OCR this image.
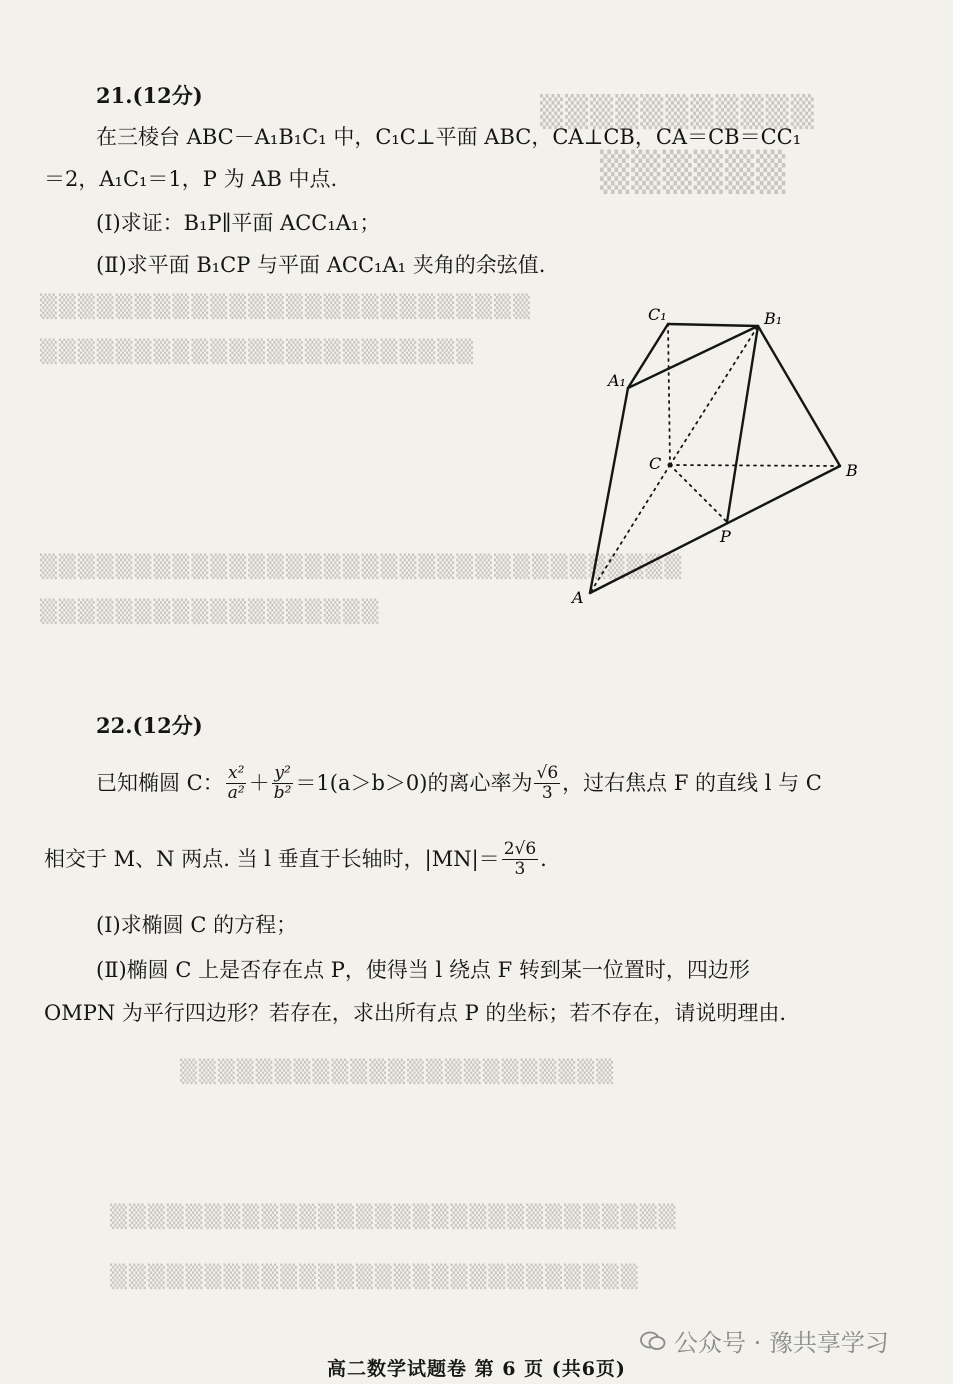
▒▒▒▒▒▒▒▒▒▒▒
▒▒▒▒▒▒
▒▒▒▒▒▒▒▒▒▒▒▒▒▒▒▒▒▒▒▒▒▒▒▒▒▒
▒▒▒▒▒▒▒▒▒▒▒▒▒▒▒▒▒▒▒▒▒▒▒
▒▒▒▒▒▒▒▒▒▒▒▒▒▒▒▒▒▒▒▒▒▒▒▒▒▒▒▒▒▒▒▒▒▒
▒▒▒▒▒▒▒▒▒▒▒▒▒▒▒▒▒▒
▒▒▒▒▒▒▒▒▒▒▒▒▒▒▒▒▒▒▒▒▒▒▒
▒▒▒▒▒▒▒▒▒▒▒▒▒▒▒▒▒▒▒▒▒▒▒▒▒▒▒▒▒▒
▒▒▒▒▒▒▒▒▒▒▒▒▒▒▒▒▒▒▒▒▒▒▒▒▒▒▒▒
21.(12分)
在三棱台 ABC－A₁B₁C₁ 中，C₁C⊥平面 ABC，CA⊥CB，CA＝CB＝CC₁
＝2，A₁C₁＝1，P 为 AB 中点.
(Ⅰ)求证：B₁P∥平面 ACC₁A₁；
(Ⅱ)求平面 B₁CP 与平面 ACC₁A₁ 夹角的余弦值.
C₁	B₁
A₁
C	B
P
A
22.(12分)
已知椭圆 C： $\frac{\text{x²}}{\text{a²}} + \frac{\text{y²}}{\text{b²}} =1(a>b>0)$的离心率为 $\frac{√6}{3}$ ，过右焦点 F 的直线 l 与 C
相交于 M、N 两点. 当 l 垂直于长轴时，$|MN|= \frac{2√6}{3}$ .
(Ⅰ)求椭圆 C 的方程；
(Ⅱ)椭圆 C 上是否存在点 P，使得当 l 绕点 F 转到某一位置时，四边形
OMPN 为平行四边形？若存在，求出所有点 P 的坐标；若不存在，请说明理由.
高二数学试题卷 第 6 页 (共6页)
公众号 · 豫共享学习
